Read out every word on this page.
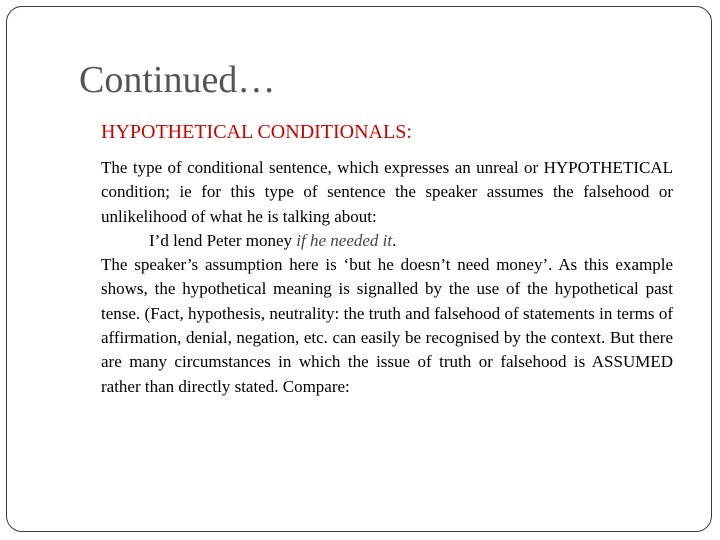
Continued…
HYPOTHETICAL CONDITIONALS:

The type of conditional sentence, which expresses an unreal or HYPOTHETICAL condition; ie for this type of sentence the speaker assumes the falsehood or unlikelihood of what he is talking about:

I’d lend Peter money if he needed it.

The speaker’s assumption here is ‘but he doesn’t need money’. As this example shows, the hypothetical meaning is signalled by the use of the hypothetical past tense. (Fact, hypothesis, neutrality: the truth and falsehood of statements in terms of affirmation, denial, negation, etc. can easily be recognised by the context. But there are many circumstances in which the issue of truth or falsehood is ASSUMED rather than directly stated. Compare:
